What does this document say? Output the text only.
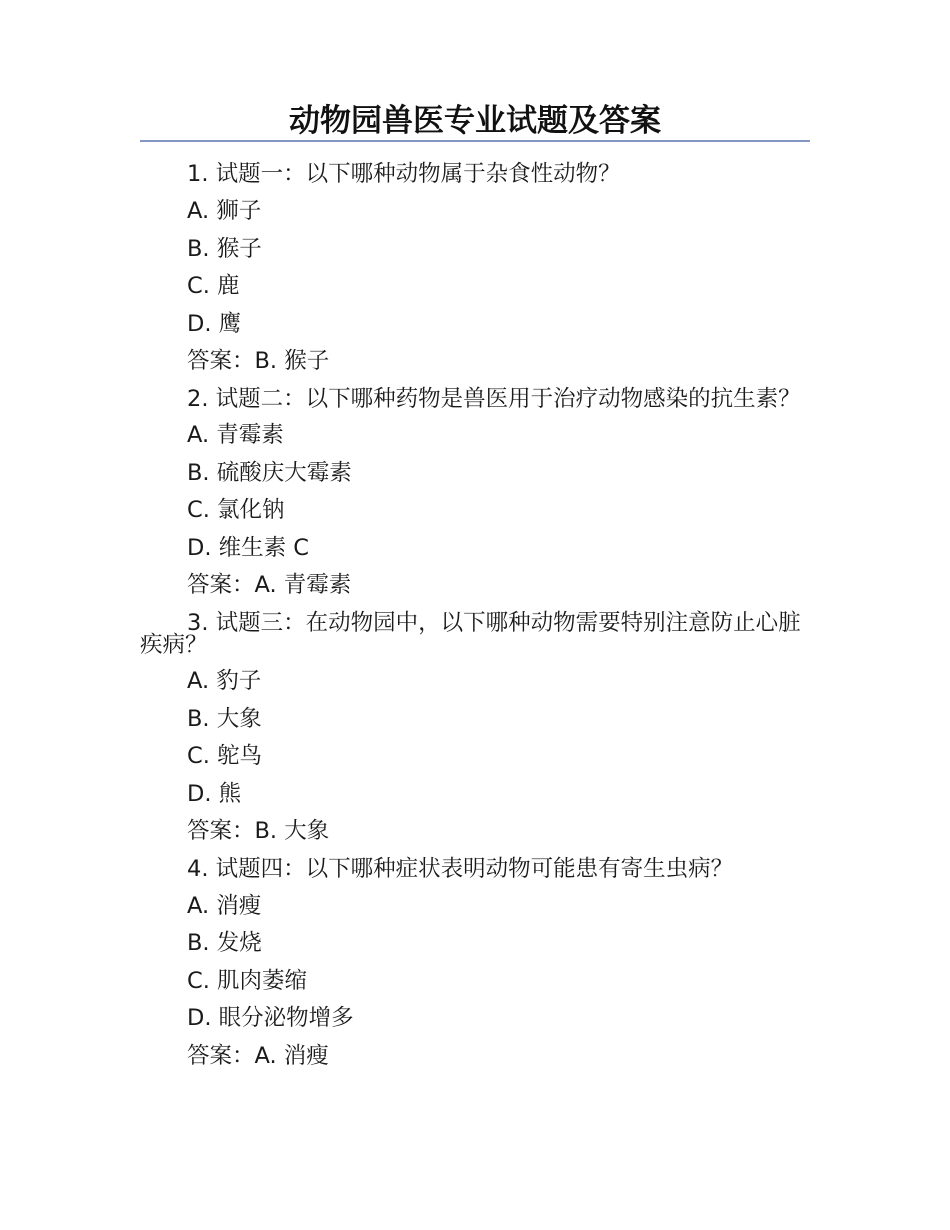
动物园兽医专业试题及答案

1. 试题一：以下哪种动物属于杂食性动物？

A. 狮子

B. 猴子

C. 鹿

D. 鹰

答案：B. 猴子

2. 试题二：以下哪种药物是兽医用于治疗动物感染的抗生素？

A. 青霉素

B. 硫酸庆大霉素

C. 氯化钠

D. 维生素 C

答案：A. 青霉素

3. 试题三：在动物园中，以下哪种动物需要特别注意防止心脏疾病？

A. 豹子

B. 大象

C. 鸵鸟

D. 熊

答案：B. 大象

4. 试题四：以下哪种症状表明动物可能患有寄生虫病？

A. 消瘦

B. 发烧

C. 肌肉萎缩

D. 眼分泌物增多

答案：A. 消瘦
